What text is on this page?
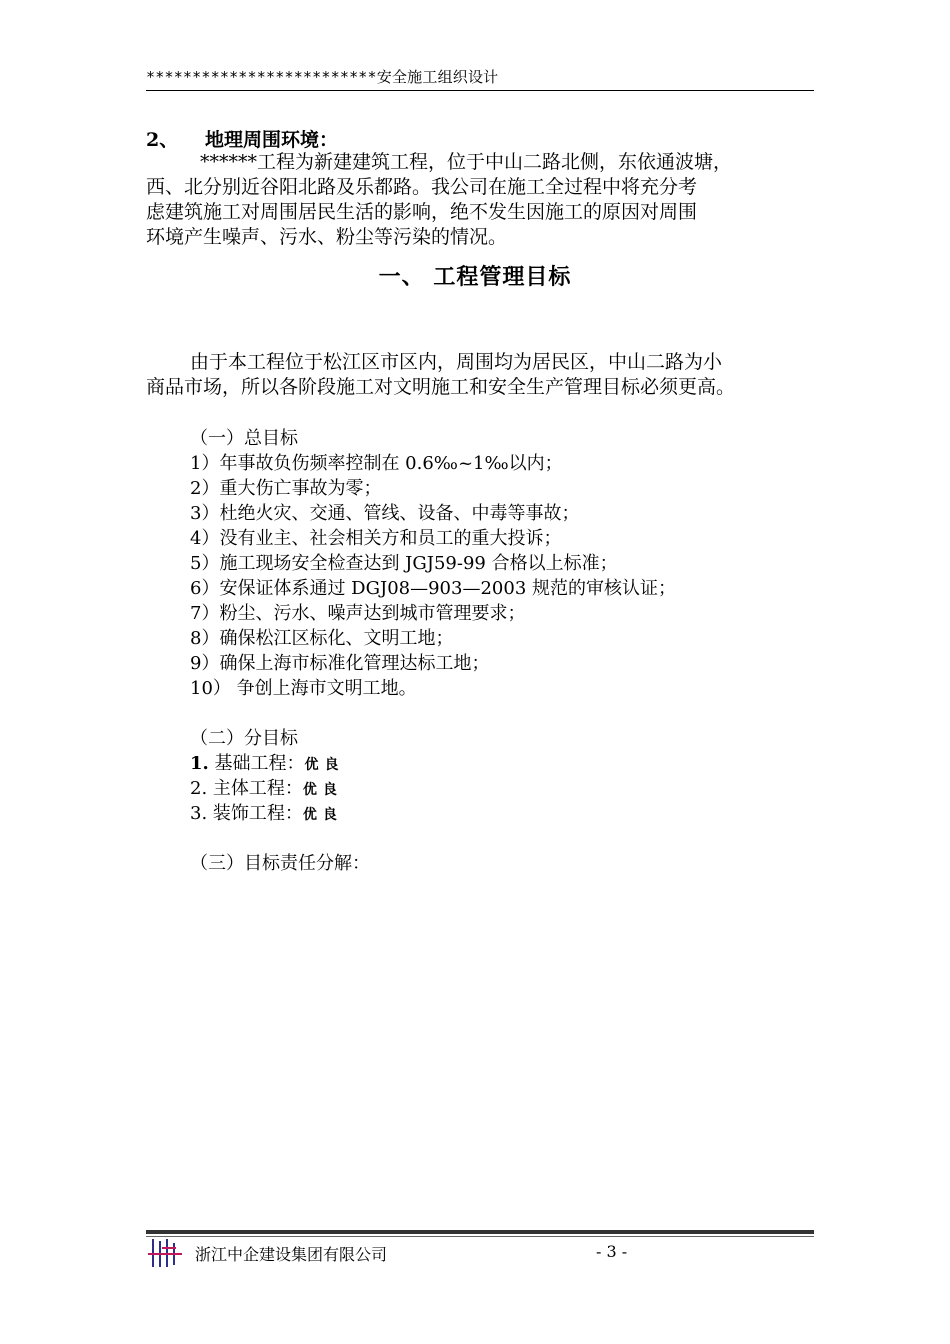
*************************安全施工组织设计
2、 地理周围环境：
******工程为新建建筑工程，位于中山二路北侧，东依通波塘，
西、北分别近谷阳北路及乐都路。我公司在施工全过程中将充分考
虑建筑施工对周围居民生活的影响，绝不发生因施工的原因对周围
环境产生噪声、污水、粉尘等污染的情况。
一、 工程管理目标
由于本工程位于松江区市区内，周围均为居民区，中山二路为小
商品市场，所以各阶段施工对文明施工和安全生产管理目标必须更高。
（一）总目标
1）年事故负伤频率控制在 0.6‰~1‰以内；
2）重大伤亡事故为零；
3）杜绝火灾、交通、管线、设备、中毒等事故；
4）没有业主、社会相关方和员工的重大投诉；
5）施工现场安全检查达到 JGJ59-99 合格以上标准；
6）安保证体系通过 DGJ08—903—2003 规范的审核认证；
7）粉尘、污水、噪声达到城市管理要求；
8）确保松江区标化、文明工地；
9）确保上海市标准化管理达标工地；
10） 争创上海市文明工地。
（二）分目标
1. 基础工程：优良
2. 主体工程：优良
3. 装饰工程：优良
（三）目标责任分解：
浙江中企建设集团有限公司	- 3 -
